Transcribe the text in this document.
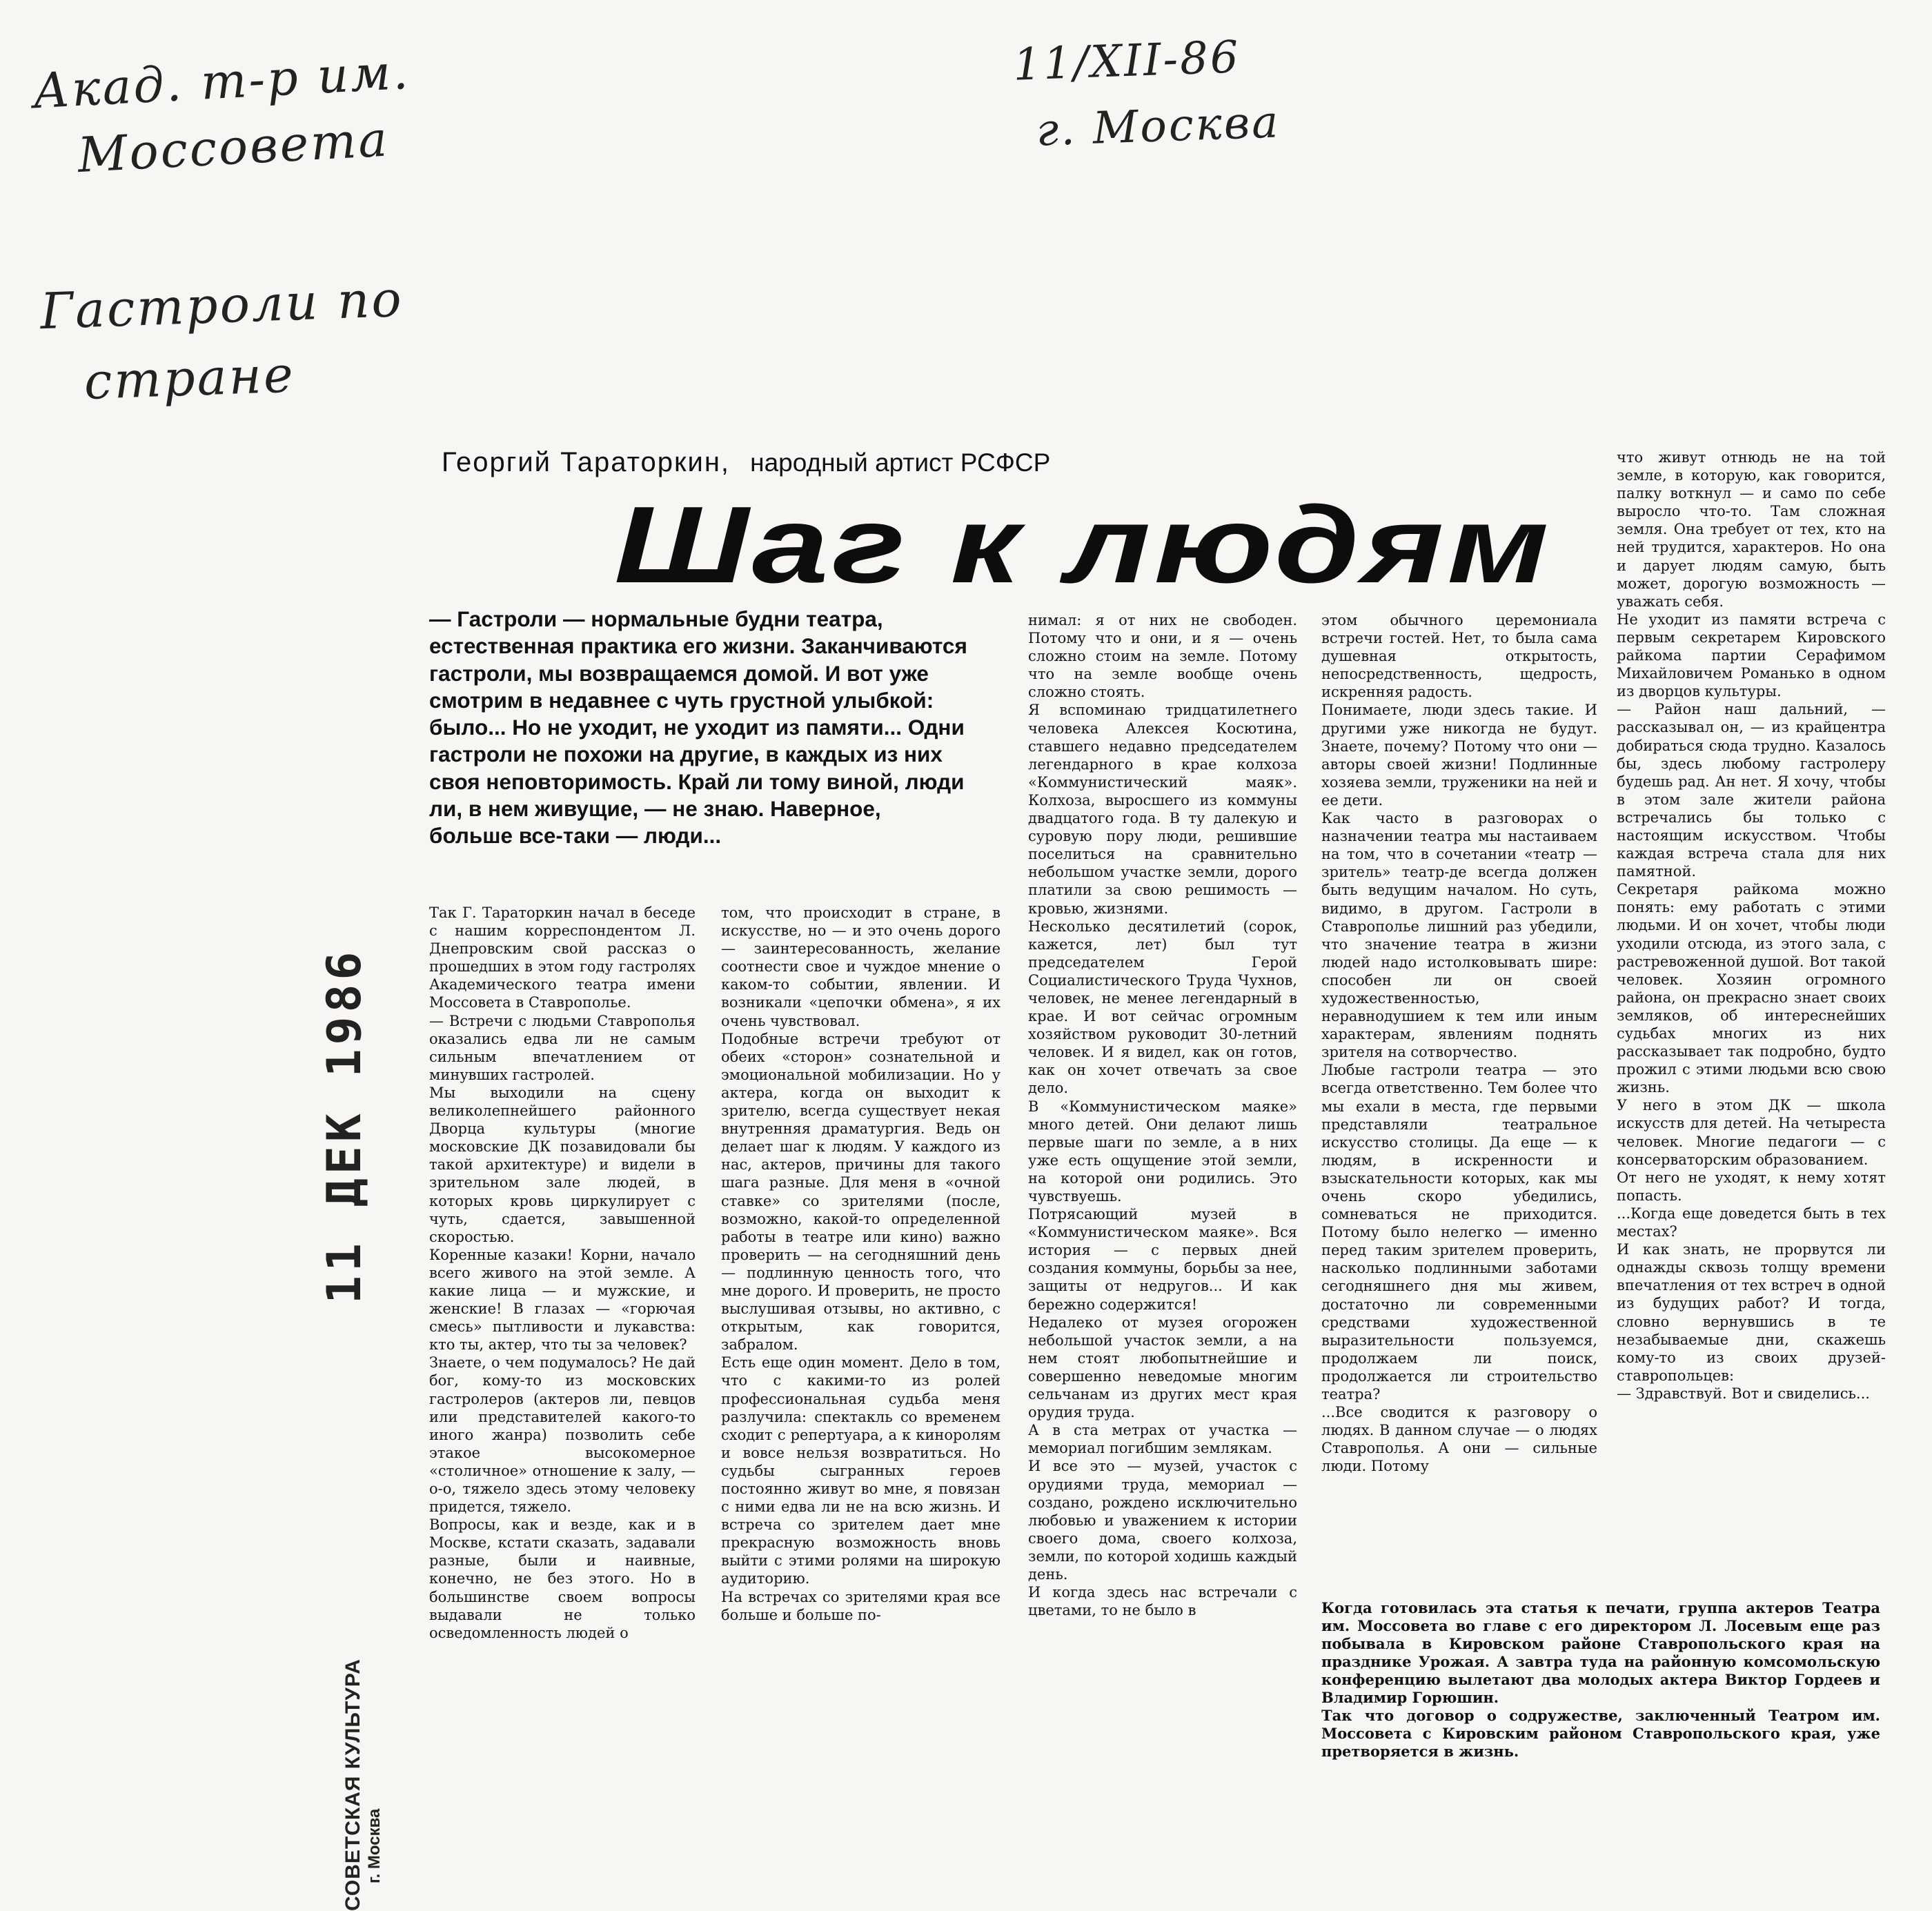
Акад. т-р им.
Моссовета
11/XII-86
г. Москва
Гастроли по
стране
11 ДЕК 1986
СОВЕТСКАЯ КУЛЬТУРА г. Москва
Георгий Тараторкин, народный артист РСФСР
Шаг к людям

— Гастроли — нормальные будни театра, естественная практика его жизни. Заканчиваются гастроли, мы возвращаемся домой. И вот уже смотрим в недавнее с чуть грустной улыбкой: было... Но не уходит, не уходит из памяти... Одни гастроли не похожи на другие, в каждых из них своя неповторимость. Край ли тому виной, люди ли, в нем живущие, — не знаю. Наверное, больше все-таки — люди...

Так Г. Тараторкин начал в беседе с нашим корреспондентом Л. Днепровским свой рассказ о прошедших в этом году гастролях Академического театра имени Моссовета в Ставрополье.
— Встречи с людьми Ставрополья оказались едва ли не самым сильным впечатлением от минувших гастролей.
Мы выходили на сцену великолепнейшего районного Дворца культуры (многие московские ДК позавидовали бы такой архитектуре) и видели в зрительном зале людей, в которых кровь циркулирует с чуть, сдается, завышенной скоростью.
Коренные казаки! Корни, начало всего живого на этой земле. А какие лица — и мужские, и женские! В глазах — «горючая смесь» пытливости и лукавства: кто ты, актер, что ты за человек?
Знаете, о чем подумалось? Не дай бог, кому-то из московских гастролеров (актеров ли, певцов или представителей какого-то иного жанра) позволить себе этакое высокомерное «столичное» отношение к залу, — о-о, тяжело здесь этому человеку придется, тяжело.
Вопросы, как и везде, как и в Москве, кстати сказать, задавали разные, были и наивные, конечно, не без этого. Но в большинстве своем вопросы выдавали не только осведомленность людей о

том, что происходит в стране, в искусстве, но — и это очень дорого — заинтересованность, желание соотнести свое и чуждое мнение о каком-то событии, явлении. И возникали «цепочки обмена», я их очень чувствовал.
Подобные встречи требуют от обеих «сторон» сознательной и эмоциональной мобилизации. Но у актера, когда он выходит к зрителю, всегда существует некая внутренняя драматургия. Ведь он делает шаг к людям. У каждого из нас, актеров, причины для такого шага разные. Для меня в «очной ставке» со зрителями (после, возможно, какой-то определенной работы в театре или кино) важно проверить — на сегодняшний день — подлинную ценность того, что мне дорого. И проверить, не просто выслушивая отзывы, но активно, с открытым, как говорится, забралом.
Есть еще один момент. Дело в том, что с какими-то из ролей профессиональная судьба меня разлучила: спектакль со временем сходит с репертуара, а к киноролям и вовсе нельзя возвратиться. Но судьбы сыгранных героев постоянно живут во мне, я повязан с ними едва ли не на всю жизнь. И встреча со зрителем дает мне прекрасную возможность вновь выйти с этими ролями на широкую аудиторию.
На встречах со зрителями края все больше и больше по-

нимал: я от них не свободен. Потому что и они, и я — очень сложно стоим на земле. Потому что на земле вообще очень сложно стоять.
Я вспоминаю тридцатилетнего человека Алексея Косютина, ставшего недавно председателем легендарного в крае колхоза «Коммунистический маяк». Колхоза, выросшего из коммуны двадцатого года. В ту далекую и суровую пору люди, решившие поселиться на сравнительно небольшом участке земли, дорого платили за свою решимость — кровью, жизнями.
Несколько десятилетий (сорок, кажется, лет) был тут председателем Герой Социалистического Труда Чухнов, человек, не менее легендарный в крае. И вот сейчас огромным хозяйством руководит 30-летний человек. И я видел, как он готов, как он хочет отвечать за свое дело.
В «Коммунистическом маяке» много детей. Они делают лишь первые шаги по земле, а в них уже есть ощущение этой земли, на которой они родились. Это чувствуешь.
Потрясающий музей в «Коммунистическом маяке». Вся история — с первых дней создания коммуны, борьбы за нее, защиты от недругов... И как бережно содержится!
Недалеко от музея огорожен небольшой участок земли, а на нем стоят любопытнейшие и совершенно неведомые многим сельчанам из других мест края орудия труда.
А в ста метрах от участка — мемориал погибшим землякам.
И все это — музей, участок с орудиями труда, мемориал — создано, рождено исключительно любовью и уважением к истории своего дома, своего колхоза, земли, по которой ходишь каждый день.
И когда здесь нас встречали с цветами, то не было в

этом обычного церемониала встречи гостей. Нет, то была сама душевная открытость, непосредственность, щедрость, искренняя радость.
Понимаете, люди здесь такие. И другими уже никогда не будут. Знаете, почему? Потому что они — авторы своей жизни! Подлинные хозяева земли, труженики на ней и ее дети.
Как часто в разговорах о назначении театра мы настаиваем на том, что в сочетании «театр — зритель» театр-де всегда должен быть ведущим началом. Но суть, видимо, в другом. Гастроли в Ставрополье лишний раз убедили, что значение театра в жизни людей надо истолковывать шире: способен ли он своей художественностью, неравнодушием к тем или иным характерам, явлениям поднять зрителя на сотворчество.
Любые гастроли театра — это всегда ответственно. Тем более что мы ехали в места, где первыми представляли театральное искусство столицы. Да еще — к людям, в искренности и взыскательности которых, как мы очень скоро убедились, сомневаться не приходится. Потому было нелегко — именно перед таким зрителем проверить, насколько подлинными заботами сегодняшнего дня мы живем, достаточно ли современными средствами художественной выразительности пользуемся, продолжаем ли поиск, продолжается ли строительство театра?
...Все сводится к разговору о людях. В данном случае — о людях Ставрополья. А они — сильные люди. Потому

что живут отнюдь не на той земле, в которую, как говорится, палку воткнул — и само по себе выросло что-то. Там сложная земля. Она требует от тех, кто на ней трудится, характеров. Но она и дарует людям самую, быть может, дорогую возможность — уважать себя.
Не уходит из памяти встреча с первым секретарем Кировского райкома партии Серафимом Михайловичем Романько в одном из дворцов культуры.
— Район наш дальний, — рассказывал он, — из крайцентра добираться сюда трудно. Казалось бы, здесь любому гастролеру будешь рад. Ан нет. Я хочу, чтобы в этом зале жители района встречались бы только с настоящим искусством. Чтобы каждая встреча стала для них памятной.
Секретаря райкома можно понять: ему работать с этими людьми. И он хочет, чтобы люди уходили отсюда, из этого зала, с растревоженной душой. Вот такой человек. Хозяин огромного района, он прекрасно знает своих земляков, об интереснейших судьбах многих из них рассказывает так подробно, будто прожил с этими людьми всю свою жизнь.
У него в этом ДК — школа искусств для детей. На четыреста человек. Многие педагоги — с консерваторским образованием.
От него не уходят, к нему хотят попасть.
...Когда еще доведется быть в тех местах?
И как знать, не прорвутся ли однажды сквозь толщу времени впечатления от тех встреч в одной из будущих работ? И тогда, словно вернувшись в те незабываемые дни, скажешь кому-то из своих друзей-ставропольцев:
— Здравствуй. Вот и свиделись...

Когда готовилась эта статья к печати, группа актеров Театра им. Моссовета во главе с его директором Л. Лосевым еще раз побывала в Кировском районе Ставропольского края на празднике Урожая. А завтра туда на районную комсомольскую конференцию вылетают два молодых актера Виктор Гордеев и Владимир Горюшин.
Так что договор о содружестве, заключенный Театром им. Моссовета с Кировским районом Ставропольского края, уже претворяется в жизнь.
